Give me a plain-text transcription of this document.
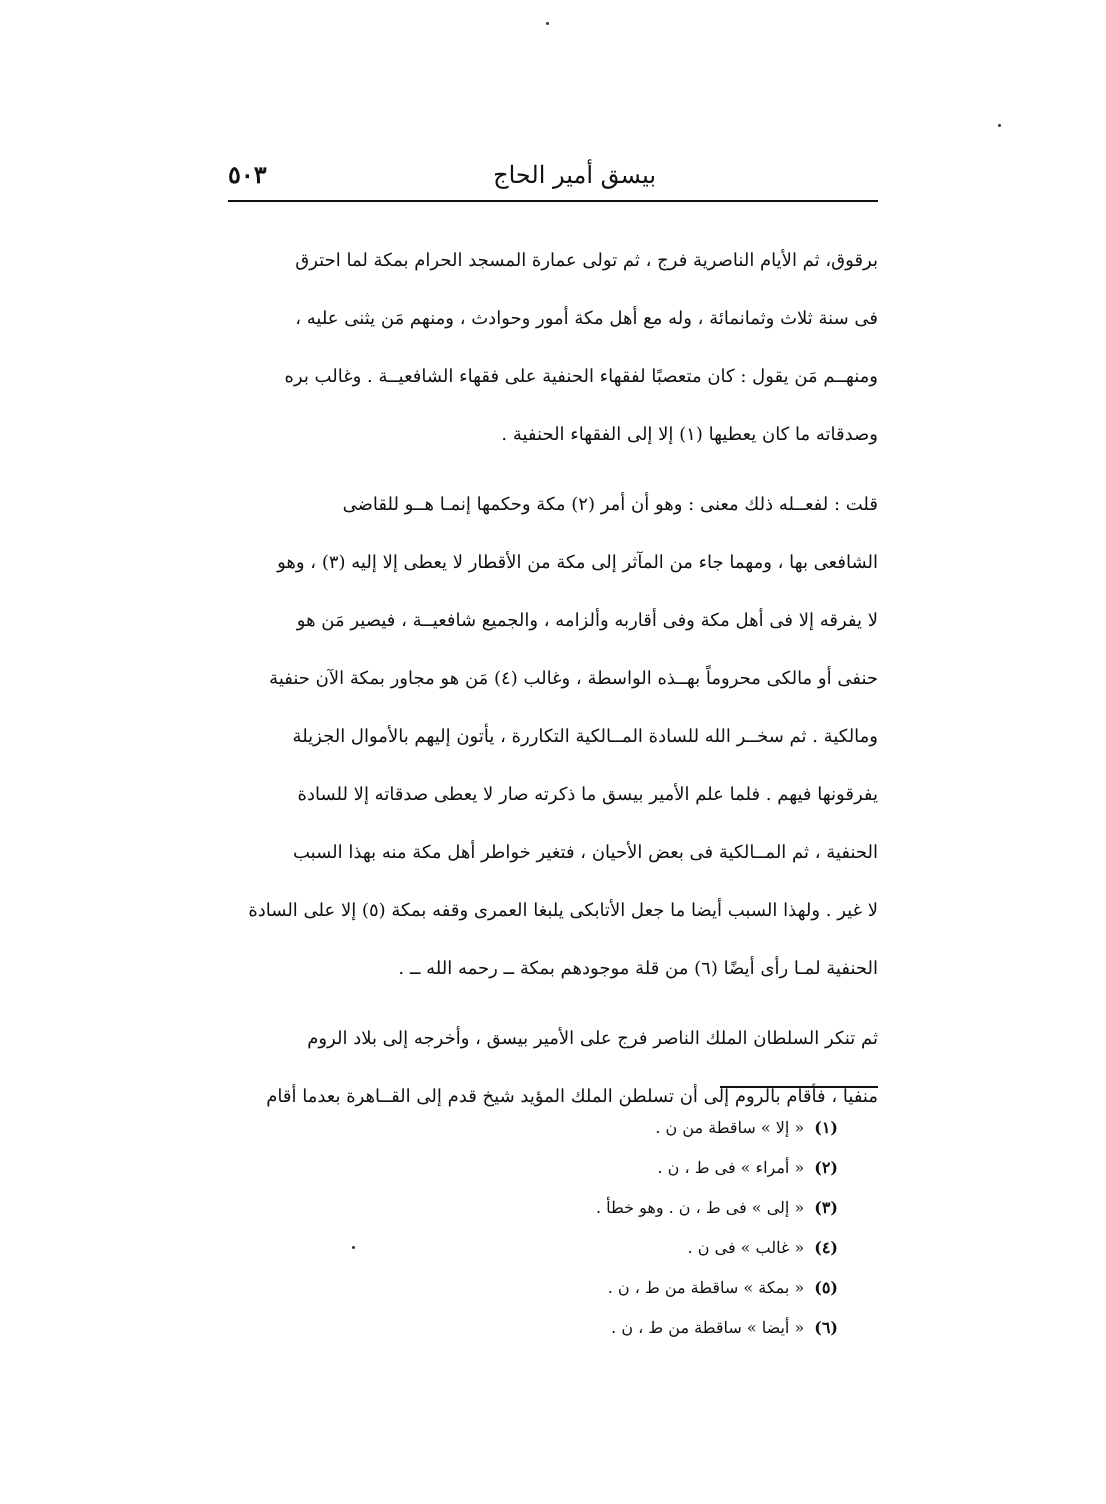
بيسق أمير الحاج
٥٠٣
برقوق، ثم الأيام الناصرية فرج ، ثم تولى عمارة المسجد الحرام بمكة لما احترق
فى سنة ثلاث وثمانمائة ، وله مع أهل مكة أمور وحوادث ، ومنهم مَن يثنى عليه ،
ومنهــم مَن يقول : كان متعصبًا لفقهاء الحنفية على فقهاء الشافعيــة . وغالب بره
وصدقاته ما كان يعطيها (١) إلا إلى الفقهاء الحنفية .
قلت : لفعــله ذلك معنى : وهو أن أمر (٢) مكة وحكمها إنمـا هــو للقاضى
الشافعى بها ، ومهما جاء من المآثر إلى مكة من الأقطار لا يعطى إلا إليه (٣) ، وهو
لا يفرقه إلا فى أهل مكة وفى أقاربه وألزامه ، والجميع شافعيــة ، فيصير مَن هو
حنفى أو مالكى محروماً بهــذه الواسطة ، وغالب (٤) مَن هو مجاور بمكة الآن حنفية
ومالكية . ثم سخــر الله للسادة المــالكية التكاررة ، يأتون إليهم بالأموال الجزيلة
يفرقونها فيهم . فلما علم الأمير بيسق ما ذكرته صار لا يعطى صدقاته إلا للسادة
الحنفية ، ثم المــالكية فى بعض الأحيان ، فتغير خواطر أهل مكة منه بهذا السبب
لا غير . ولهذا السبب أيضا ما جعل الأتابكى يلبغا العمرى وقفه بمكة (٥) إلا على السادة
الحنفية لمـا رأى أيضًا (٦) من قلة موجودهم بمكة ــ رحمه الله ــ .
ثم تنكر السلطان الملك الناصر فرج على الأمير بيسق ، وأخرجه إلى بلاد الروم
منفيا ، فأقام بالروم إلى أن تسلطن الملك المؤيد شيخ قدم إلى القــاهرة بعدما أقام
(١)« إلا » ساقطة من ن .
(٢)« أمراء » فى ط ، ن .
(٣)« إلى » فى ط ، ن . وهو خطأ .
(٤)« غالب » فى ن .
(٥)« بمكة » ساقطة من ط ، ن .
(٦)« أيضا » ساقطة من ط ، ن .
